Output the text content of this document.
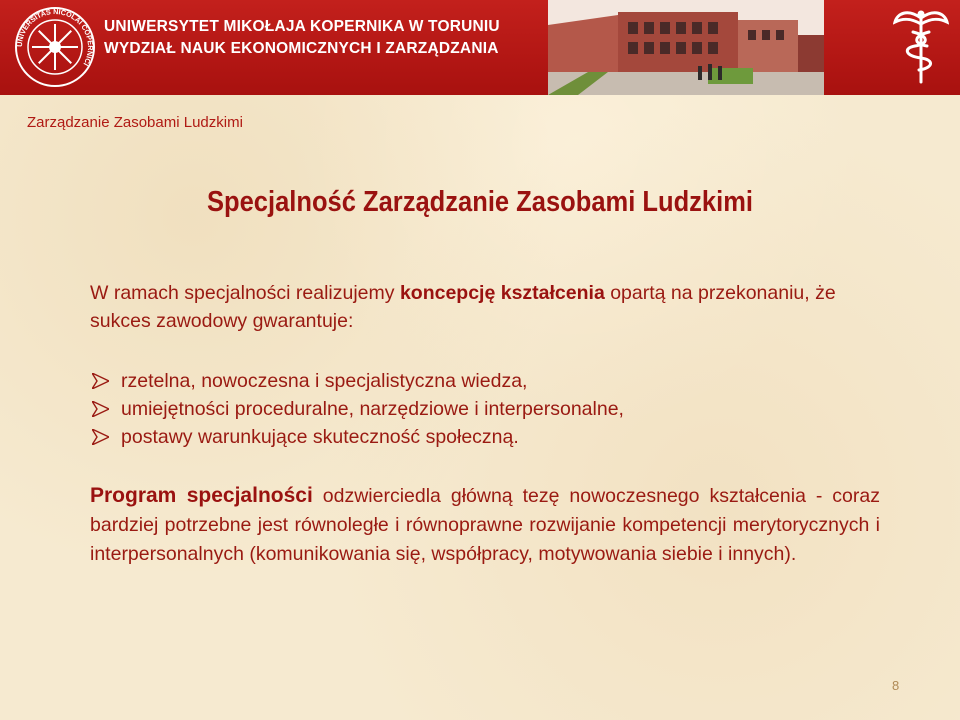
UNIVERSITAS NICOLAI COPERNICI
UNIWERSYTET MIKOŁAJA KOPERNIKA W TORUNIU
WYDZIAŁ NAUK EKONOMICZNYCH I ZARZĄDZANIA
Zarządzanie Zasobami Ludzkimi
Specjalność Zarządzanie Zasobami Ludzkimi
W ramach specjalności realizujemy koncepcję kształcenia opartą na przekonaniu, że sukces zawodowy gwarantuje:
rzetelna, nowoczesna i specjalistyczna wiedza,
umiejętności proceduralne, narzędziowe i interpersonalne,
postawy warunkujące skuteczność społeczną.
Program specjalności odzwierciedla główną tezę nowoczesnego kształcenia - coraz bardziej potrzebne jest równoległe i równoprawne rozwijanie kompetencji merytorycznych i interpersonalnych (komunikowania się, współpracy, motywowania siebie i innych).
8
